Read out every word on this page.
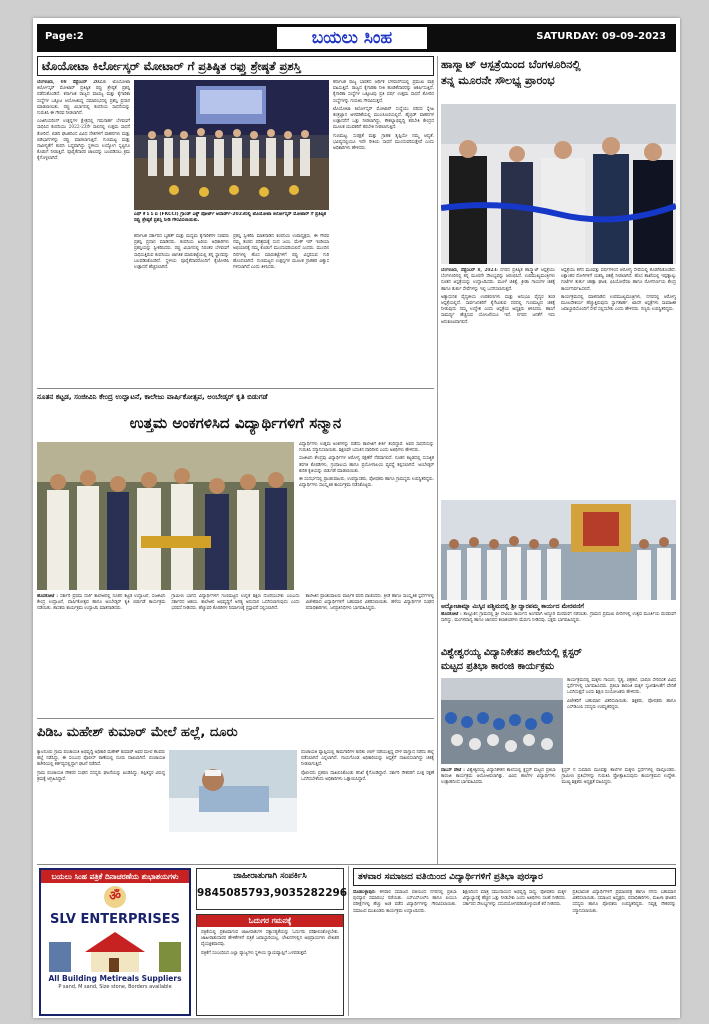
Page:2	ಬಯಲು ಸಿಂಹ	SATURDAY: 09-09-2023
ಟೊಯೋಟಾ ಕಿರ್ಲೋಸ್ಕರ್ ಮೋಟಾರ್ ಗೆ ಪ್ರತಿಷ್ಠಿತ ರಫ್ತು ಶ್ರೇಷ್ಠತೆ ಪ್ರಶಸ್ತಿ	ಹಾಸ್ಮ್ಯಾಟ್ ಆಸ್ಪತ್ರೆಯಿಂದ ಬೆಂಗಳೂರಿನಲ್ಲಿ
ತನ್ನ ಮೂರನೇ ಸೌಲಭ್ಯ ಪ್ರಾರಂಭ

ಬೆಂಗಳೂರು, 08 ಸೆಪ್ಟೆಂಬರ್ 2023: ಟೊಯೋಟಾ ಕಿರ್ಲೋಸ್ಕರ್ ಮೋಟಾರ್ ಪ್ರತಿಷ್ಠಿತ ರಫ್ತು ಶ್ರೇಷ್ಠತೆ ಪ್ರಶಸ್ತಿ ಪಡೆದುಕೊಂಡಿದೆ. ಕರ್ನಾಟಕ ರಾಜ್ಯದ ವಾಣಿಜ್ಯ ಮತ್ತು ಕೈಗಾರಿಕಾ ಸಂಸ್ಥೆಗಳ ಒಕ್ಕೂಟ ಆಯೋಜಿಸಿದ್ದ ಸಮಾರಂಭದಲ್ಲಿ ಪ್ರಶಸ್ತಿ ಪ್ರದಾನ ಮಾಡಲಾಯಿತು. ರಫ್ತು ವಿಭಾಗದಲ್ಲಿ ಕಂಪನಿಯ ಸಾಧನೆಯನ್ನು ಗುರುತಿಸಿ ಈ ಗೌರವ ನೀಡಲಾಗಿದೆ.

ಎಂಜಿನಿಯರಿಂಗ್ ಉತ್ಪನ್ನಗಳ ಕ್ಷೇತ್ರದಲ್ಲಿ ಗಮನಾರ್ಹ ಬೆಳವಣಿಗೆ ಸಾಧಿಸಿದ ಕಂಪನಿಯು 2022-23ನೇ ಸಾಲಿನಲ್ಲಿ ಉತ್ತಮ ಸಾಧನೆ ತೋರಿದೆ. ಬಿಡದಿ ಘಟಕದಿಂದ ವಿವಿಧ ದೇಶಗಳಿಗೆ ವಾಹನಗಳು ಮತ್ತು ಬಿಡಿಭಾಗಗಳನ್ನು ರಫ್ತು ಮಾಡಲಾಗುತ್ತಿದೆ. ಗುಣಮಟ್ಟ ಮತ್ತು ನಾವೀನ್ಯತೆಗೆ ಕಂಪನಿ ಬದ್ಧವಾಗಿದ್ದು ಸ್ಥಳೀಯ ಉದ್ಯೋಗ ಸೃಷ್ಟಿಗೂ ಕೊಡುಗೆ ನೀಡುತ್ತಿದೆ. ಪೂರೈಕೆದಾರರ ಜಾಲವನ್ನು ಬಲಪಡಿಸಲು ಕ್ರಮ ಕೈಗೊಳ್ಳಲಾಗಿದೆ.

ಎಫ್ ಕೆ ಸಿ ಸಿ ಐ (FKCCI) ಗ್ರಾಂಡ್ ಎಕ್ಸ್ ಪೋರ್ಟ್ ಅವಾರ್ಡ್-2023ರಲ್ಲಿ ಟೊಯೋಟಾ ಕಿರ್ಲೋಸ್ಕರ್ ಮೋಟಾರ್ ಗೆ ಪ್ರತಿಷ್ಠಿತ ರಫ್ತು ಶ್ರೇಷ್ಠತೆ ಪ್ರಶಸ್ತಿ ನೀಡಿ ಗೌರವಿಸಲಾಯಿತು.

ಕರ್ನಾಟಕ ಸರ್ಕಾರದ ಬೃಹತ್ ಮತ್ತು ಮಧ್ಯಮ ಕೈಗಾರಿಕೆಗಳ ಸಚಿವರು ಪ್ರಶಸ್ತಿ ಪ್ರದಾನ ಮಾಡಿದರು. ಕಂಪನಿಯ ಹಿರಿಯ ಅಧಿಕಾರಿಗಳು ಪ್ರಶಸ್ತಿಯನ್ನು ಸ್ವೀಕರಿಸಿದರು. ರಫ್ತು ವಿಭಾಗದಲ್ಲಿ ನಿರಂತರ ಬೆಳವಣಿಗೆ ಸಾಧಿಸುತ್ತಿರುವ ಕಂಪನಿಯು ಜಾಗತಿಕ ಮಾರುಕಟ್ಟೆಯಲ್ಲಿ ತನ್ನ ಸ್ಥಾನವನ್ನು ಬಲಪಡಿಸಿಕೊಂಡಿದೆ. ಸ್ಥಳೀಯ ಪೂರೈಕೆದಾರರೊಂದಿಗೆ ಕೈಜೋಡಿಸಿ ಉತ್ಪಾದನೆ ಹೆಚ್ಚಿಸಲಾಗಿದೆ.

ಪ್ರಶಸ್ತಿ ಸ್ವೀಕರಿಸಿ ಮಾತನಾಡಿದ ಕಂಪನಿಯ ಉಪಾಧ್ಯಕ್ಷರು, ಈ ಗೌರವ ನಮ್ಮ ತಂಡದ ಪರಿಶ್ರಮಕ್ಕೆ ಸಂದ ಜಯ. ಮೇಕ್ ಇನ್ ಇಂಡಿಯಾ ಅಭಿಯಾನಕ್ಕೆ ನಮ್ಮ ಕೊಡುಗೆ ಮುಂದುವರಿಯಲಿದೆ ಎಂದರು. ಮುಂದಿನ ದಿನಗಳಲ್ಲಿ ಹೊಸ ಮಾರುಕಟ್ಟೆಗಳಿಗೆ ರಫ್ತು ವಿಸ್ತರಿಸುವ ಗುರಿ ಹೊಂದಲಾಗಿದೆ. ಗುಣಮಟ್ಟದ ಉತ್ಪನ್ನಗಳ ಮೂಲಕ ಗ್ರಾಹಕರ ವಿಶ್ವಾಸ ಗಳಿಸಲಾಗಿದೆ ಎಂದು ತಿಳಿಸಿದರು.

ಕರ್ನಾಟಕ ರಾಜ್ಯ ಭಾರತದ ಆರ್ಥಿಕ ಬೆಳವಣಿಗೆಯಲ್ಲಿ ಪ್ರಮುಖ ಪಾತ್ರ ವಹಿಸುತ್ತಿದೆ. ರಾಜ್ಯದ ಕೈಗಾರಿಕಾ ನೀತಿ ಹೂಡಿಕೆದಾರರನ್ನು ಆಕರ್ಷಿಸುತ್ತಿದೆ. ಕೈಗಾರಿಕಾ ಸಂಸ್ಥೆಗಳ ಒಕ್ಕೂಟವು ಪ್ರತಿ ವರ್ಷ ಉತ್ತಮ ಸಾಧನೆ ತೋರಿದ ಸಂಸ್ಥೆಗಳನ್ನು ಗುರುತಿಸಿ ಗೌರವಿಸುತ್ತದೆ.

ಟೊಯೋಟಾ ಕಿರ್ಲೋಸ್ಕರ್ ಮೋಟಾರ್ ಸಂಸ್ಥೆಯು ಪರಿಸರ ಸ್ನೇಹಿ ತಂತ್ರಜ್ಞಾನ ಅಳವಡಿಕೆಯಲ್ಲಿ ಮುಂಚೂಣಿಯಲ್ಲಿದೆ. ಹೈಬ್ರಿಡ್ ವಾಹನಗಳ ಉತ್ಪಾದನೆಗೆ ಒತ್ತು ನೀಡಲಾಗಿದ್ದು, ಕೌಶಲ್ಯಾಭಿವೃದ್ಧಿ ತರಬೇತಿ ಕೇಂದ್ರದ ಮೂಲಕ ಯುವಕರಿಗೆ ತರಬೇತಿ ನೀಡಲಾಗುತ್ತಿದೆ.

ಗುಣಮಟ್ಟ, ಸುರಕ್ಷತೆ ಮತ್ತು ಗ್ರಾಹಕ ತೃಪ್ತಿಯೇ ನಮ್ಮ ಆದ್ಯತೆ. ಭವಿಷ್ಯದಲ್ಲಿಯೂ ಇದೇ ರೀತಿಯ ಸಾಧನೆ ಮುಂದುವರಿಸುತ್ತೇವೆ ಎಂದು ಅಧಿಕಾರಿಗಳು ಹೇಳಿದರು.

ಬೆಂಗಳೂರು, ಸೆಪ್ಟೆಂಬರ್ 8, 2023: ನಗರದ ಪ್ರತಿಷ್ಠಿತ ಹಾಸ್ಮ್ಯಾಟ್ ಆಸ್ಪತ್ರೆಯು ಬೆಂಗಳೂರಿನಲ್ಲಿ ತನ್ನ ಮೂರನೇ ಸೌಲಭ್ಯವನ್ನು ಆರಂಭಿಸಿದೆ. ಉಪಮುಖ್ಯಮಂತ್ರಿಗಳು ನೂತನ ಆಸ್ಪತ್ರೆಯನ್ನು ಉದ್ಘಾಟಿಸಿದರು. ಮೂಳೆ ಚಿಕಿತ್ಸೆ, ಕ್ರೀಡಾ ಗಾಯಗಳ ಚಿಕಿತ್ಸೆ ಹಾಗೂ ತುರ್ತು ಸೇವೆಗಳನ್ನು ಇಲ್ಲಿ ಒದಗಿಸಲಾಗುತ್ತದೆ.

ಅತ್ಯಾಧುನಿಕ ವೈದ್ಯಕೀಯ ಉಪಕರಣಗಳು ಮತ್ತು ಅನುಭವಿ ವೈದ್ಯರ ತಂಡ ಆಸ್ಪತ್ರೆಯಲ್ಲಿದೆ. ಸಾರ್ವಜನಿಕರಿಗೆ ಕೈಗೆಟುಕುವ ದರದಲ್ಲಿ ಗುಣಮಟ್ಟದ ಚಿಕಿತ್ಸೆ ನೀಡುವುದು ನಮ್ಮ ಉದ್ದೇಶ ಎಂದು ಆಸ್ಪತ್ರೆಯ ಅಧ್ಯಕ್ಷರು ತಿಳಿಸಿದರು. ಹಾಸಿಗೆ ಸಾಮರ್ಥ್ಯ ಹೆಚ್ಚಿಸುವ ಯೋಜನೆಯೂ ಇದೆ. ನಗರದ ಜನತೆಗೆ ಇದು ಅನುಕೂಲವಾಗಲಿದೆ.

ಆಸ್ಪತ್ರೆಯು ಕಳೆದ ಮೂವತ್ತು ವರ್ಷಗಳಿಂದ ಆರೋಗ್ಯ ಸೇವೆಯಲ್ಲಿ ತೊಡಗಿಸಿಕೊಂಡಿದೆ. ಲಕ್ಷಾಂತರ ರೋಗಿಗಳಿಗೆ ಯಶಸ್ವಿ ಚಿಕಿತ್ಸೆ ನೀಡಲಾಗಿದೆ. ಹೊಸ ಶಾಖೆಯಲ್ಲಿ ಇಪ್ಪತ್ನಾಲ್ಕು ಗಂಟೆಗಳ ತುರ್ತು ಚಿಕಿತ್ಸಾ ಘಟಕ, ಫಿಸಿಯೋಥೆರಪಿ ಹಾಗೂ ರೋಗನಿರ್ಣಯ ಕೇಂದ್ರ ಕಾರ್ಯನಿರ್ವಹಿಸಲಿದೆ.

ಕಾರ್ಯಕ್ರಮದಲ್ಲಿ ಮಾತನಾಡಿದ ಉಪಮುಖ್ಯಮಂತ್ರಿಗಳು, ನಗರದಲ್ಲಿ ಆರೋಗ್ಯ ಮೂಲಸೌಕರ್ಯ ಹೆಚ್ಚುತ್ತಿರುವುದು ಸ್ವಾಗತಾರ್ಹ. ಖಾಸಗಿ ಆಸ್ಪತ್ರೆಗಳು ಸಾಮಾಜಿಕ ಜವಾಬ್ದಾರಿಯೊಂದಿಗೆ ಸೇವೆ ಸಲ್ಲಿಸಬೇಕು ಎಂದು ಹೇಳಿದರು. ಗಣ್ಯರು ಉಪಸ್ಥಿತರಿದ್ದರು.

ನೂತನ ಕಟ್ಟಡ, ಸಂಜೀವಿನಿ ಕೇಂದ್ರ ಉದ್ಘಾಟನೆ, ಕಾಲೇಜು ವಾರ್ಷಿಕೋತ್ಸವ, ಅಂಬೇಡ್ಕರ್ ಕೃತಿ ಬಿಡುಗಡೆ
ಉತ್ತಮ ಅಂಕಗಳಿಸಿದ ವಿದ್ಯಾರ್ಥಿಗಳಿಗೆ ಸನ್ಮಾನ

ವಿದ್ಯಾರ್ಥಿಗಳು ಉತ್ತಮ ಅಂಕಗಳನ್ನು ಪಡೆದು ಕಾಲೇಜಿಗೆ ಕೀರ್ತಿ ತಂದಿದ್ದಾರೆ. ಅವರ ಸಾಧನೆಯನ್ನು ಗುರುತಿಸಿ ಸನ್ಮಾನಿಸಲಾಯಿತು. ಶಿಕ್ಷಣವೇ ಬದುಕಿನ ದಾರಿದೀಪ ಎಂದು ಅತಿಥಿಗಳು ಹೇಳಿದರು.

ಸಂಜೀವಿನಿ ಕೇಂದ್ರವು ವಿದ್ಯಾರ್ಥಿಗಳ ಆರೋಗ್ಯ ರಕ್ಷಣೆಗೆ ನೆರವಾಗಲಿದೆ. ನೂತನ ಕಟ್ಟಡದಲ್ಲಿ ಸುಸಜ್ಜಿತ ತರಗತಿ ಕೊಠಡಿಗಳು, ಗ್ರಂಥಾಲಯ ಹಾಗೂ ಪ್ರಯೋಗಾಲಯ ವ್ಯವಸ್ಥೆ ಕಲ್ಪಿಸಲಾಗಿದೆ. ಅಂಬೇಡ್ಕರ್ ಕುರಿತ ಕೃತಿಯನ್ನು ಬಿಡುಗಡೆ ಮಾಡಲಾಯಿತು.

ಈ ಸಂದರ್ಭದಲ್ಲಿ ಪ್ರಾಂಶುಪಾಲರು, ಉಪನ್ಯಾಸಕರು, ಪೋಷಕರು ಹಾಗೂ ಗ್ರಾಮಸ್ಥರು ಉಪಸ್ಥಿತರಿದ್ದರು. ವಿದ್ಯಾರ್ಥಿಗಳು ಸಾಂಸ್ಕೃತಿಕ ಕಾರ್ಯಕ್ರಮ ನಡೆಸಿಕೊಟ್ಟರು.

ಹೊಸಕೋಟೆ : ಸರ್ಕಾರಿ ಪ್ರಥಮ ದರ್ಜೆ ಕಾಲೇಜಿನಲ್ಲಿ ನೂತನ ಕಟ್ಟಡ ಉದ್ಘಾಟನೆ, ಸಂಜೀವಿನಿ ಕೇಂದ್ರ ಉದ್ಘಾಟನೆ, ವಾರ್ಷಿಕೋತ್ಸವ ಹಾಗೂ ಅಂಬೇಡ್ಕರ್ ಕೃತಿ ಬಿಡುಗಡೆ ಕಾರ್ಯಕ್ರಮ ನಡೆಯಿತು. ಶಾಸಕರು ಕಾರ್ಯಕ್ರಮ ಉದ್ಘಾಟಿಸಿ ಮಾತನಾಡಿದರು.

ಗ್ರಾಮೀಣ ಭಾಗದ ವಿದ್ಯಾರ್ಥಿಗಳಿಗೆ ಗುಣಮಟ್ಟದ ಉನ್ನತ ಶಿಕ್ಷಣ ದೊರೆಯಬೇಕು ಎಂಬುದು ಸರ್ಕಾರದ ಆಶಯ. ಕಾಲೇಜಿನ ಅಭಿವೃದ್ಧಿಗೆ ಅಗತ್ಯ ಅನುದಾನ ಒದಗಿಸಲಾಗುವುದು ಎಂದು ಭರವಸೆ ನೀಡಿದರು. ಹೆಚ್ಚುವರಿ ಕೊಠಡಿಗಳ ನಿರ್ಮಾಣಕ್ಕೆ ಪ್ರಸ್ತಾವನೆ ಸಲ್ಲಿಸಲಾಗಿದೆ.

ಕಾಲೇಜಿನ ಪ್ರಾಂಶುಪಾಲರು ವಾರ್ಷಿಕ ವರದಿ ವಾಚಿಸಿದರು. ಕ್ರೀಡೆ ಹಾಗೂ ಸಾಂಸ್ಕೃತಿಕ ಸ್ಪರ್ಧೆಗಳಲ್ಲಿ ವಿಜೇತರಾದ ವಿದ್ಯಾರ್ಥಿಗಳಿಗೆ ಬಹುಮಾನ ವಿತರಿಸಲಾಯಿತು. ಹಳೆಯ ವಿದ್ಯಾರ್ಥಿಗಳ ಸಂಘದ ಪದಾಧಿಕಾರಿಗಳು, ಜನಪ್ರತಿನಿಧಿಗಳು ಭಾಗವಹಿಸಿದ್ದರು.

ಪಿಡಿಒ ಮಹೇಶ್ ಕುಮಾರ್ ಮೇಲೆ ಹಲ್ಲೆ, ದೂರು

ಕ್ಯಾಲನೂರು ಗ್ರಾಮ ಪಂಚಾಯತಿ ಅಭಿವೃದ್ಧಿ ಅಧಿಕಾರಿ ಮಹೇಶ್ ಕುಮಾರ್ ಅವರ ಮೇಲೆ ಕೆಲವರು ಹಲ್ಲೆ ನಡೆಸಿದ್ದು, ಈ ಸಂಬಂಧ ಪೊಲೀಸ್ ಠಾಣೆಯಲ್ಲಿ ದೂರು ದಾಖಲಾಗಿದೆ. ಪಂಚಾಯತಿ ಕಚೇರಿಯಲ್ಲಿ ಕರ್ತವ್ಯದಲ್ಲಿದ್ದಾಗ ಘಟನೆ ನಡೆದಿದೆ.

ಗ್ರಾಮ ಪಂಚಾಯತಿ ನೌಕರರ ಸಂಘದ ಸದಸ್ಯರು ಘಟನೆಯನ್ನು ಖಂಡಿಸಿದ್ದು, ತಪ್ಪಿತಸ್ಥರ ವಿರುದ್ಧ ಕ್ರಮಕ್ಕೆ ಆಗ್ರಹಿಸಿದ್ದಾರೆ.

ಪಂಚಾಯತಿ ವ್ಯಾಪ್ತಿಯಲ್ಲಿ ಕಾಮಗಾರಿಗಳ ಕುರಿತು ಚರ್ಚೆ ನಡೆಯುತ್ತಿದ್ದ ವೇಳೆ ವಾಗ್ವಾದ ನಡೆದು ಹಲ್ಲೆ ನಡೆಸಲಾಗಿದೆ ಎನ್ನಲಾಗಿದೆ. ಗಾಯಗೊಂಡ ಅಧಿಕಾರಿಯನ್ನು ಆಸ್ಪತ್ರೆಗೆ ದಾಖಲಿಸಲಾಗಿದ್ದು ಚಿಕಿತ್ಸೆ ನೀಡಲಾಗುತ್ತಿದೆ.

ಪೊಲೀಸರು ಪ್ರಕರಣ ದಾಖಲಿಸಿಕೊಂಡು ತನಿಖೆ ಕೈಗೊಂಡಿದ್ದಾರೆ. ಸರ್ಕಾರಿ ನೌಕರರಿಗೆ ಸೂಕ್ತ ರಕ್ಷಣೆ ಒದಗಿಸಬೇಕೆಂದು ಅಧಿಕಾರಿಗಳು ಒತ್ತಾಯಿಸಿದ್ದಾರೆ.

ಆದ್ಯೋಜಾಮ್ನಾ ಮಿಸ್ಕಿನ ಪಶ್ಚಿಮದಲ್ಲಿ ಶ್ರೀ ದ್ವಾರಪಮ್ಮ ಕಾರ್ಯದ ಮೇರವಣಿಗೆ

ಹೊಸಕೋಟೆ : ತಾಲ್ಲೂಕಿನ ಗ್ರಾಮದಲ್ಲಿ ಶ್ರೀ ದೇವಿಯ ಕಾರ್ಯದ ಅಂಗವಾಗಿ ಅದ್ದೂರಿ ಮೆರವಣಿಗೆ ನಡೆಯಿತು. ಗ್ರಾಮದ ಪ್ರಮುಖ ಬೀದಿಗಳಲ್ಲಿ ಉತ್ಸವ ಮೂರ್ತಿಯ ಮೆರವಣಿಗೆ ಸಾಗಿದ್ದು, ಮಂಗಳವಾದ್ಯ ಹಾಗೂ ಜಾನಪದ ಕಲಾತಂಡಗಳು ಮೆರುಗು ನೀಡಿದವು. ಭಕ್ತರು ಭಾಗವಹಿಸಿದ್ದರು.

ವಿಶ್ವೇಶ್ವರಯ್ಯ ವಿದ್ಯಾನಿಕೇತನ ಶಾಲೆಯಲ್ಲಿ ಕ್ಲಸ್ಟರ್
ಮಟ್ಟದ ಪ್ರತಿಭಾ ಕಾರಂಜಿ ಕಾರ್ಯಕ್ರಮ

ಕಾರ್ಯಕ್ರಮದಲ್ಲಿ ಮಕ್ಕಳು ಗಾಯನ, ನೃತ್ಯ, ಚಿತ್ರಕಲೆ, ಭಾಷಣ ಸೇರಿದಂತೆ ವಿವಿಧ ಸ್ಪರ್ಧೆಗಳಲ್ಲಿ ಭಾಗವಹಿಸಿದರು. ಪ್ರತಿಭಾ ಕಾರಂಜಿ ಮಕ್ಕಳ ಸೃಜನಶೀಲತೆಗೆ ವೇದಿಕೆ ಒದಗಿಸುತ್ತದೆ ಎಂದು ಶಿಕ್ಷಣ ಸಂಯೋಜಕರು ಹೇಳಿದರು.

ವಿಜೇತರಿಗೆ ಬಹುಮಾನ ವಿತರಿಸಲಾಯಿತು. ಶಿಕ್ಷಕರು, ಪೋಷಕರು ಹಾಗೂ ಎಸ್‌ಡಿಎಂಸಿ ಸದಸ್ಯರು ಉಪಸ್ಥಿತರಿದ್ದರು.

ದಾಬಸ್ ಪೇಟೆ : ವಿಶ್ವೇಶ್ವರಯ್ಯ ವಿದ್ಯಾನಿಕೇತನ ಶಾಲೆಯಲ್ಲಿ ಕ್ಲಸ್ಟರ್ ಮಟ್ಟದ ಪ್ರತಿಭಾ ಕಾರಂಜಿ ಕಾರ್ಯಕ್ರಮ ಆಯೋಜಿಸಲಾಗಿತ್ತು. ವಿವಿಧ ಶಾಲೆಗಳ ವಿದ್ಯಾರ್ಥಿಗಳು ಉತ್ಸಾಹದಿಂದ ಭಾಗವಹಿಸಿದರು.

ಕ್ಲಸ್ಟರ್ ನ ಸುಮಾರು ಮೂವತ್ತು ಶಾಲೆಗಳ ಮಕ್ಕಳು ಸ್ಪರ್ಧೆಗಳಲ್ಲಿ ಪಾಲ್ಗೊಂಡರು. ಗ್ರಾಮೀಣ ಪ್ರತಿಭೆಗಳನ್ನು ಗುರುತಿಸಿ ಪ್ರೋತ್ಸಾಹಿಸುವುದು ಕಾರ್ಯಕ್ರಮದ ಉದ್ದೇಶ. ಮುಖ್ಯ ಶಿಕ್ಷಕರು ಅಧ್ಯಕ್ಷತೆ ವಹಿಸಿದ್ದರು.

ಬಯಲು ಸಿಂಹ ಪತ್ರಿಕೆ ದಿನಾಚರಣೆಯ ಶುಭಾಶಯಗಳು
ॐ
SLV ENTERPRISES
All Building Metireals Suppliers
P sand, M sand, Size stone, Borders available
ಜಾಹೀರಾತುಗಾಗಿ ಸಂಪರ್ಕಿಸಿ
9845085793,9035282296
ಓದುಗರ ಗಮನಕ್ಕೆ

ಪತ್ರಿಕೆಯಲ್ಲಿ ಪ್ರಕಟವಾಗುವ ಜಾಹೀರಾತುಗಳ ಸತ್ಯಾಸತ್ಯತೆಯನ್ನು ಓದುಗರು ಪರಿಶೀಲಿಸಿಕೊಳ್ಳಬೇಕು. ಜಾಹೀರಾತುದಾರರ ಹೇಳಿಕೆಗಳಿಗೆ ಪತ್ರಿಕೆ ಜವಾಬ್ದಾರಿಯಲ್ಲ. ಲೇಖನಗಳಲ್ಲಿನ ಅಭಿಪ್ರಾಯಗಳು ಲೇಖಕರ ವೈಯಕ್ತಿಕವಾದವು.

ಪತ್ರಿಕೆಗೆ ಸಂಬಂಧಿಸಿದ ಎಲ್ಲಾ ವ್ಯಾಜ್ಯಗಳು ಸ್ಥಳೀಯ ನ್ಯಾಯವ್ಯಾಪ್ತಿಗೆ ಒಳಪಡುತ್ತವೆ.

ತಳವಾರ ಸಮಾಜದ ವತಿಯಿಂದ ವಿದ್ಯಾರ್ಥಿಗಳಿಗೆ ಪ್ರತಿಭಾ ಪುರಸ್ಕಾರ

ದೊಡಬಳ್ಳಾಪುರ: ತಳವಾರ ಸಮಾಜದ ವತಿಯಿಂದ ನಗರದಲ್ಲಿ ಪ್ರತಿಭಾ ಪುರಸ್ಕಾರ ಸಮಾರಂಭ ನಡೆಯಿತು. ಎಸ್ಎಸ್ಎಲ್‌ಸಿ ಹಾಗೂ ಪಿಯುಸಿ ಪರೀಕ್ಷೆಗಳಲ್ಲಿ ಹೆಚ್ಚು ಅಂಕ ಪಡೆದ ವಿದ್ಯಾರ್ಥಿಗಳನ್ನು ಗೌರವಿಸಲಾಯಿತು. ಸಮಾಜದ ಮುಖಂಡರು ಕಾರ್ಯಕ್ರಮ ಉದ್ಘಾಟಿಸಿದರು.

ಶಿಕ್ಷಣದಿಂದ ಮಾತ್ರ ಸಮುದಾಯದ ಅಭಿವೃದ್ಧಿ ಸಾಧ್ಯ. ಪೋಷಕರು ಮಕ್ಕಳ ವಿದ್ಯಾಭ್ಯಾಸಕ್ಕೆ ಹೆಚ್ಚಿನ ಒತ್ತು ನೀಡಬೇಕು ಎಂದು ಅತಿಥಿಗಳು ಸಲಹೆ ನೀಡಿದರು. ಸರ್ಕಾರದ ಸೌಲಭ್ಯಗಳನ್ನು ಸದುಪಯೋಗಪಡಿಸಿಕೊಳ್ಳುವಂತೆ ಕರೆ ನೀಡಿದರು.

ಪ್ರತಿಭಾವಂತ ವಿದ್ಯಾರ್ಥಿಗಳಿಗೆ ಪ್ರಮಾಣಪತ್ರ ಹಾಗೂ ನಗದು ಬಹುಮಾನ ವಿತರಿಸಲಾಯಿತು. ಸಮಾಜದ ಅಧ್ಯಕ್ಷರು, ಪದಾಧಿಕಾರಿಗಳು, ಮಹಿಳಾ ಘಟಕದ ಸದಸ್ಯರು ಹಾಗೂ ಪೋಷಕರು ಉಪಸ್ಥಿತರಿದ್ದರು. ನಿವೃತ್ತ ನೌಕರರನ್ನು ಸನ್ಮಾನಿಸಲಾಯಿತು.
